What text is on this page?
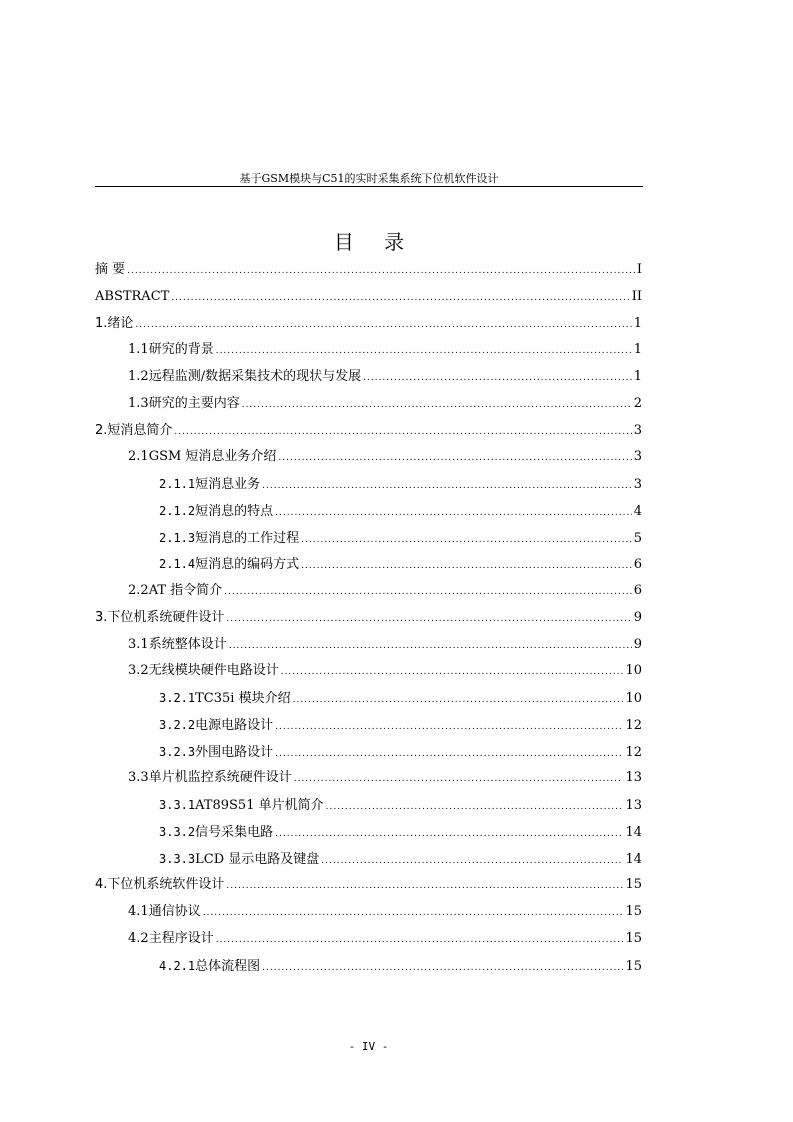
基于GSM模块与C51的实时采集系统下位机软件设计
目 录
摘 要 .....	I
ABSTRACT .....	II
1.绪论 .....	1
1.1 研究的背景 .....	1
1.2 远程监测/数据采集技术的现状与发展 .....	1
1.3 研究的主要内容 .....	2
2.短消息简介 .....	3
2.1 GSM 短消息业务介绍 .....	3
2.1.1 短消息业务 .....	3
2.1.2 短消息的特点 .....	4
2.1.3 短消息的工作过程 .....	5
2.1.4 短消息的编码方式 .....	6
2.2 AT 指令简介 .....	6
3.下位机系统硬件设计 .....	9
3.1 系统整体设计 .....	9
3.2 无线模块硬件电路设计 .....	10
3.2.1 TC35i 模块介绍 .....	10
3.2.2 电源电路设计 .....	12
3.2.3 外围电路设计 .....	12
3.3 单片机监控系统硬件设计 .....	13
3.3.1 AT89S51 单片机简介 .....	13
3.3.2 信号采集电路 .....	14
3.3.3 LCD 显示电路及键盘 .....	14
4.下位机系统软件设计 .....	15
4.1 通信协议 .....	15
4.2 主程序设计 .....	15
4.2.1 总体流程图 .....	15
- IV -
